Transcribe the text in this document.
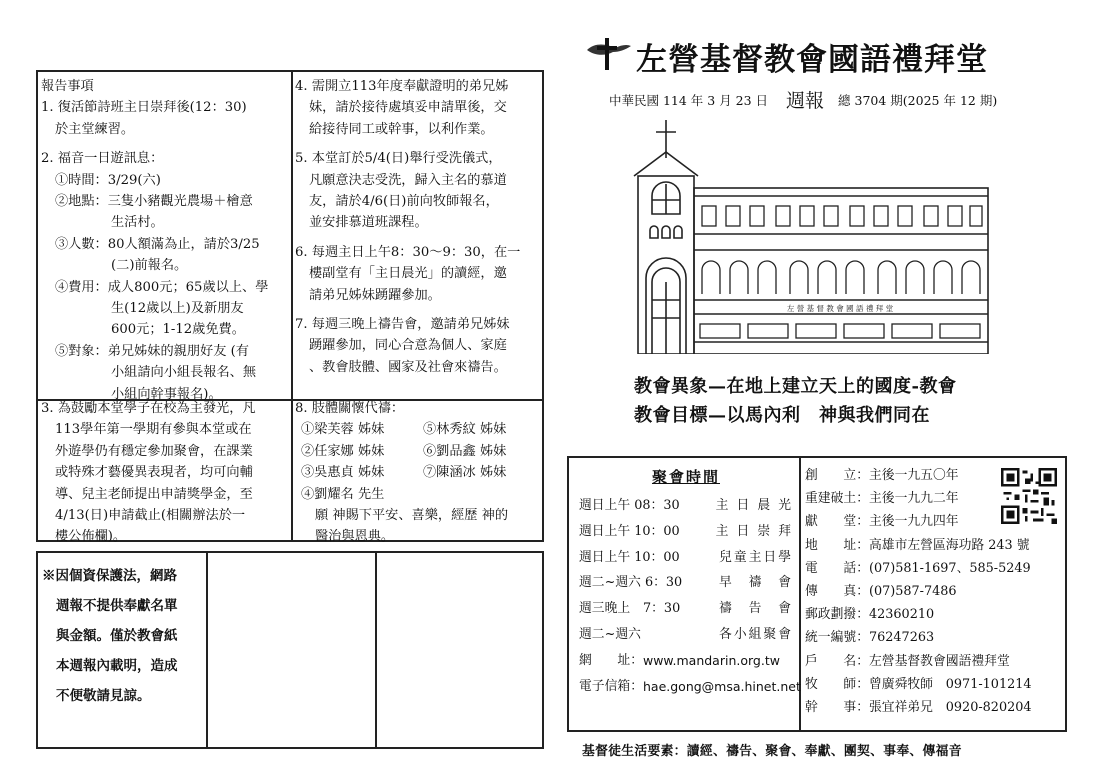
報告事項
1. 復活節詩班主日崇拜後(12：30)
於主堂練習。
2. 福音一日遊訊息：
①時間：3/29(六)
②地點：三隻小豬觀光農場＋檜意
生活村。
③人數：80人額滿為止，請於3/25
(二)前報名。
④費用：成人800元；65歲以上、學
生(12歲以上)及新朋友
600元；1-12歲免費。
⑤對象：弟兄姊妹的親朋好友 (有
小組請向小組長報名、無
小組向幹事報名)。
3. 為鼓勵本堂學子在校為主發光，凡
113學年第一學期有參與本堂或在
外遊學仍有穩定參加聚會，在課業
或特殊才藝優異表現者，均可向輔
導、兒主老師提出申請獎學金，至
4/13(日)申請截止(相關辦法於一
樓公佈欄)。
4. 需開立113年度奉獻證明的弟兄姊
妹，請於接待處填妥申請單後，交
給接待同工或幹事，以利作業。
5. 本堂訂於5/4(日)舉行受洗儀式，
凡願意決志受洗，歸入主名的慕道
友，請於4/6(日)前向牧師報名，
並安排慕道班課程。
6. 每週主日上午8：30～9：30，在一
樓副堂有「主日晨光」的讀經，邀
請弟兄姊妹踴躍參加。
7. 每週三晚上禱告會，邀請弟兄姊妹
踴躍參加，同心合意為個人、家庭
、教會肢體、國家及社會來禱告。
8. 肢體關懷代禱：
①梁芙蓉 姊妹	⑤林秀紋 姊妹
②任家娜 姊妹	⑥劉品鑫 姊妹
③吳惠貞 姊妹	⑦陳涵冰 姊妹
④劉耀名 先生
願 神賜下平安、喜樂，經歷 神的
醫治與恩典。
※因個資保護法，網路
週報不提供奉獻名單
與金額。僅於教會紙
本週報內載明，造成
不便敬請見諒。
左營基督教會國語禮拜堂
中華民國 114 年 3 月 23 日 週報 總 3704 期(2025 年 12 期)
左 營 基 督 教 會 國 語 禮 拜 堂
教會異象—在地上建立天上的國度-教會
教會目標—以馬內利　神與我們同在
聚會時間
週日上午 08：30	主 日 晨 光
週日上午 10：00	主 日 崇 拜
週日上午 10：00	兒童主日學
週二~週六 6：30	早　禱　會
週三晚上　7：30	禱　告　會
週二~週六	各小組聚會
網　　址： www.mandarin.org.tw
電子信箱： hae.gong@msa.hinet.net
創　　立：主後一九五〇年
重建破土：主後一九九二年
獻　　堂：主後一九九四年
地　　址：高雄市左營區海功路 243 號
電　　話：(07)581-1697、585-5249
傳　　真：(07)587-7486
郵政劃撥：42360210
統一編號：76247263
戶　　名：左營基督教會國語禮拜堂
牧　　師：曾廣舜牧師　0971-101214
幹　　事：張宜祥弟兄　0920-820204
基督徒生活要素：讀經、禱告、聚會、奉獻、團契、事奉、傳福音
